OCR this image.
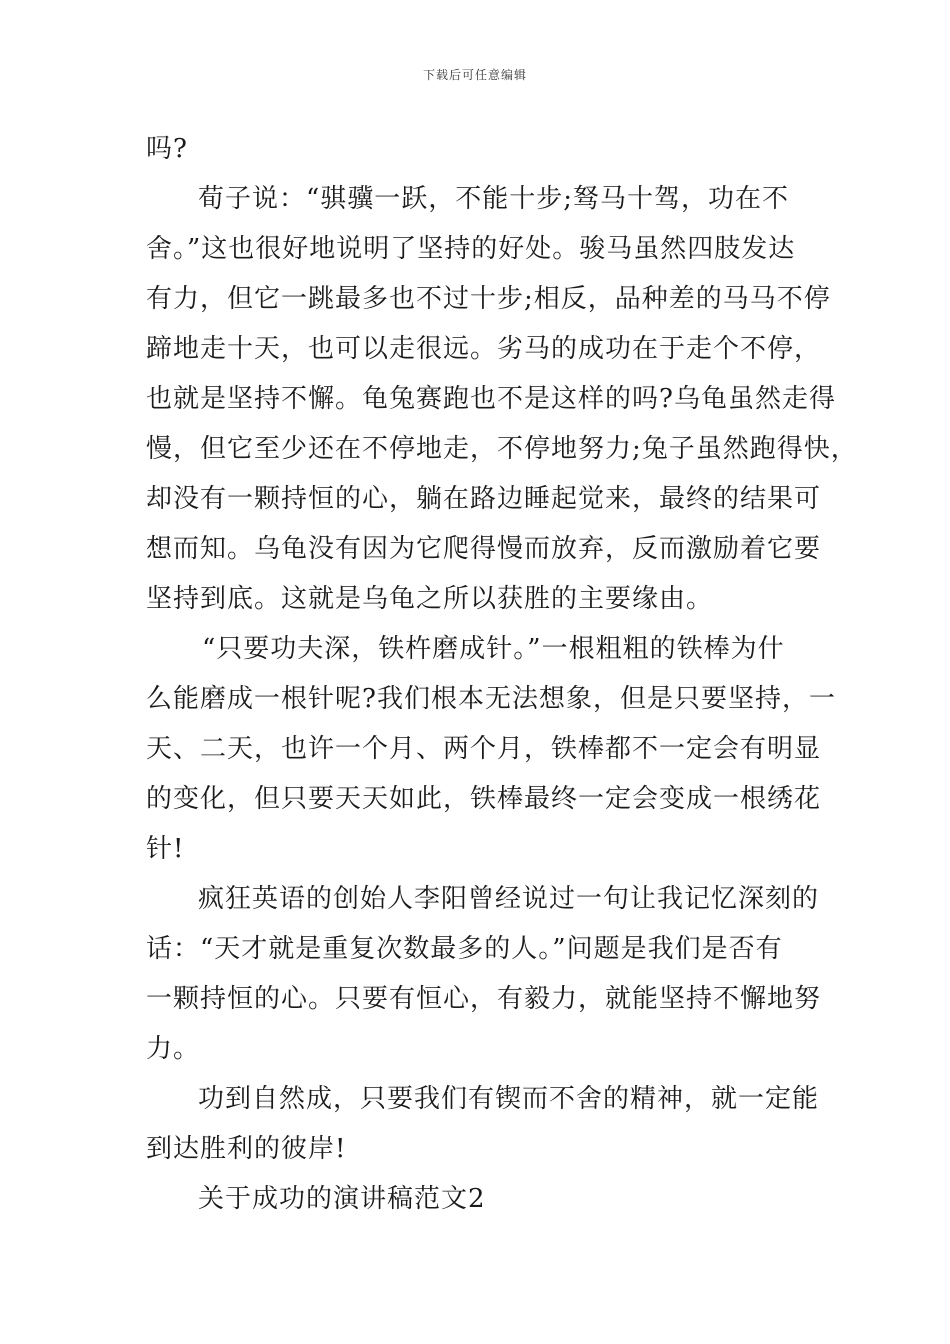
下载后可任意编辑
吗?
荀子说：“骐骥一跃，不能十步;驽马十驾，功在不
舍。”这也很好地说明了坚持的好处。骏马虽然四肢发达
有力，但它一跳最多也不过十步;相反，品种差的马马不停
蹄地走十天，也可以走很远。劣马的成功在于走个不停，
也就是坚持不懈。龟兔赛跑也不是这样的吗?乌龟虽然走得
慢，但它至少还在不停地走，不停地努力;兔子虽然跑得快，
却没有一颗持恒的心，躺在路边睡起觉来，最终的结果可
想而知。乌龟没有因为它爬得慢而放弃，反而激励着它要
坚持到底。这就是乌龟之所以获胜的主要缘由。
“只要功夫深，铁杵磨成针。”一根粗粗的铁棒为什
么能磨成一根针呢?我们根本无法想象，但是只要坚持，一
天、二天，也许一个月、两个月，铁棒都不一定会有明显
的变化，但只要天天如此，铁棒最终一定会变成一根绣花
针!
疯狂英语的创始人李阳曾经说过一句让我记忆深刻的
话：“天才就是重复次数最多的人。”问题是我们是否有
一颗持恒的心。只要有恒心，有毅力，就能坚持不懈地努
力。
功到自然成，只要我们有锲而不舍的精神，就一定能
到达胜利的彼岸!
关于成功的演讲稿范文2
